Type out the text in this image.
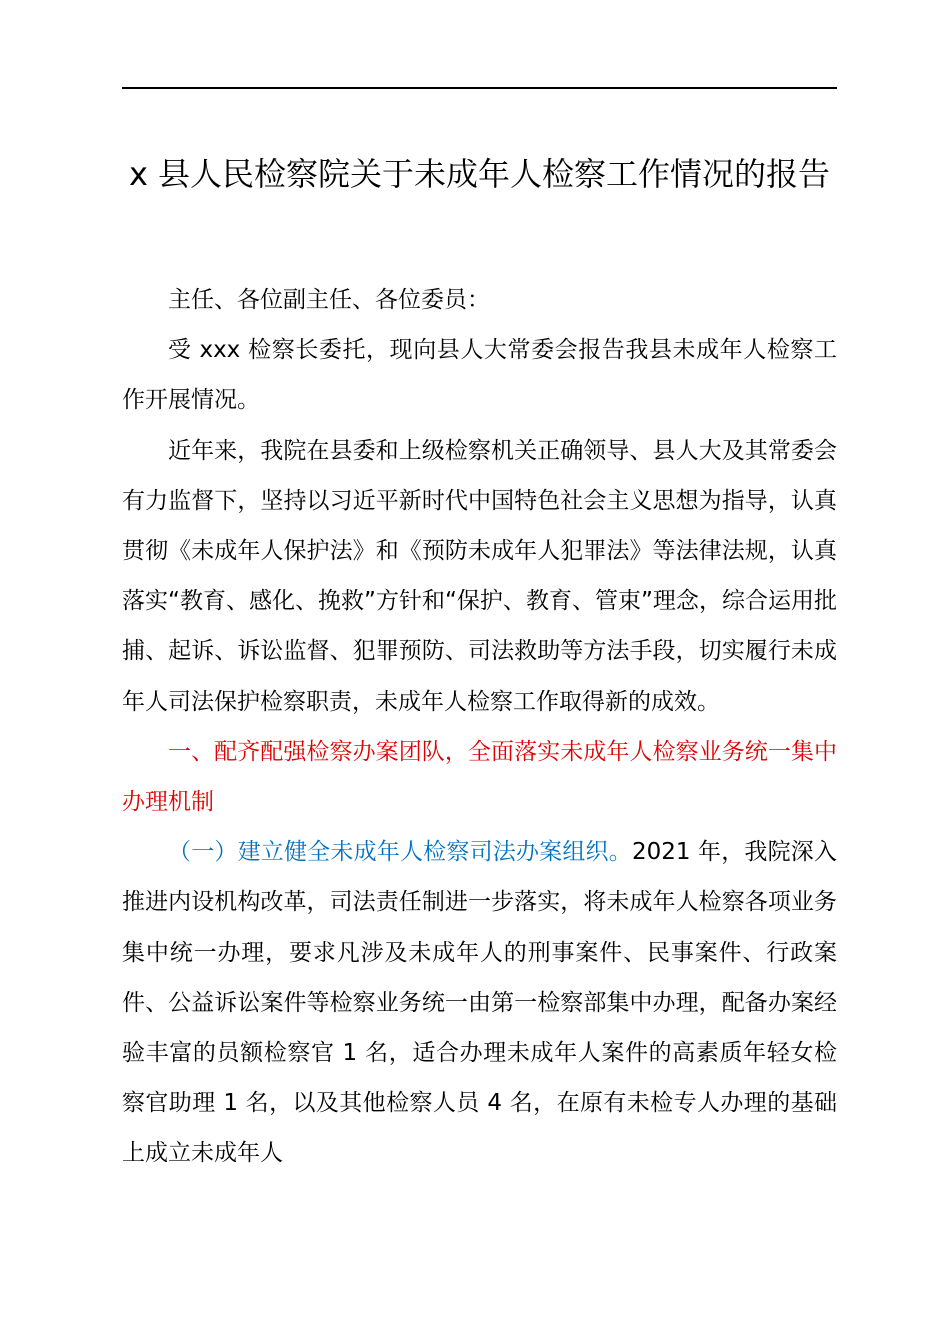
x 县人民检察院关于未成年人检察工作情况的报告

主任、各位副主任、各位委员：

受 xxx 检察长委托，现向县人大常委会报告我县未成年人检察工作开展情况。

近年来，我院在县委和上级检察机关正确领导、县人大及其常委会有力监督下，坚持以习近平新时代中国特色社会主义思想为指导，认真贯彻《未成年人保护法》和《预防未成年人犯罪法》等法律法规，认真落实“教育、感化、挽救”方针和“保护、教育、管束”理念，综合运用批捕、起诉、诉讼监督、犯罪预防、司法救助等方法手段，切实履行未成年人司法保护检察职责，未成年人检察工作取得新的成效。

一、配齐配强检察办案团队，全面落实未成年人检察业务统一集中办理机制

（一）建立健全未成年人检察司法办案组织。2021 年，我院深入推进内设机构改革，司法责任制进一步落实，将未成年人检察各项业务集中统一办理，要求凡涉及未成年人的刑事案件、民事案件、行政案件、公益诉讼案件等检察业务统一由第一检察部集中办理，配备办案经验丰富的员额检察官 1 名，适合办理未成年人案件的高素质年轻女检察官助理 1 名，以及其他检察人员 4 名，在原有未检专人办理的基础上成立未成年人
